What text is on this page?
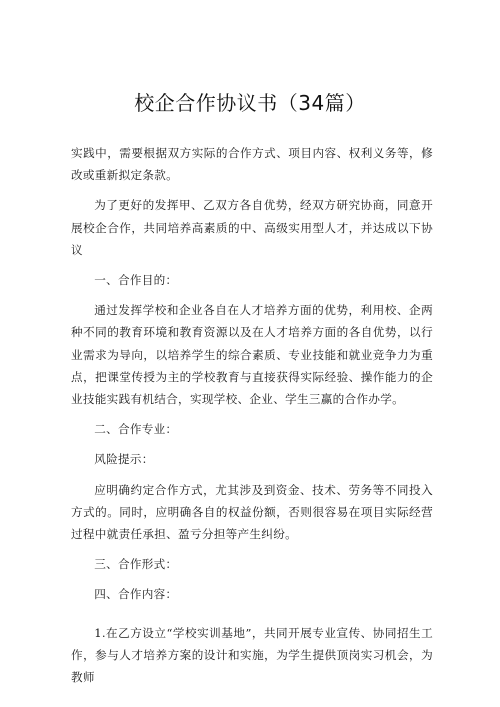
校企合作协议书（34篇）

实践中，需要根据双方实际的合作方式、项目内容、权利义务等，修改或重新拟定条款。

为了更好的发挥甲、乙双方各自优势，经双方研究协商，同意开展校企合作，共同培养高素质的中、高级实用型人才，并达成以下协议

一、合作目的：

通过发挥学校和企业各自在人才培养方面的优势，利用校、企两种不同的教育环境和教育资源以及在人才培养方面的各自优势，以行业需求为导向，以培养学生的综合素质、专业技能和就业竞争力为重点，把课堂传授为主的学校教育与直接获得实际经验、操作能力的企业技能实践有机结合，实现学校、企业、学生三赢的合作办学。

二、合作专业：

风险提示：

应明确约定合作方式，尤其涉及到资金、技术、劳务等不同投入方式的。同时，应明确各自的权益份额，否则很容易在项目实际经营过程中就责任承担、盈亏分担等产生纠纷。

三、合作形式：

四、合作内容：

1.在乙方设立“学校实训基地”，共同开展专业宣传、协同招生工作，参与人才培养方案的设计和实施，为学生提供顶岗实习机会，为教师
